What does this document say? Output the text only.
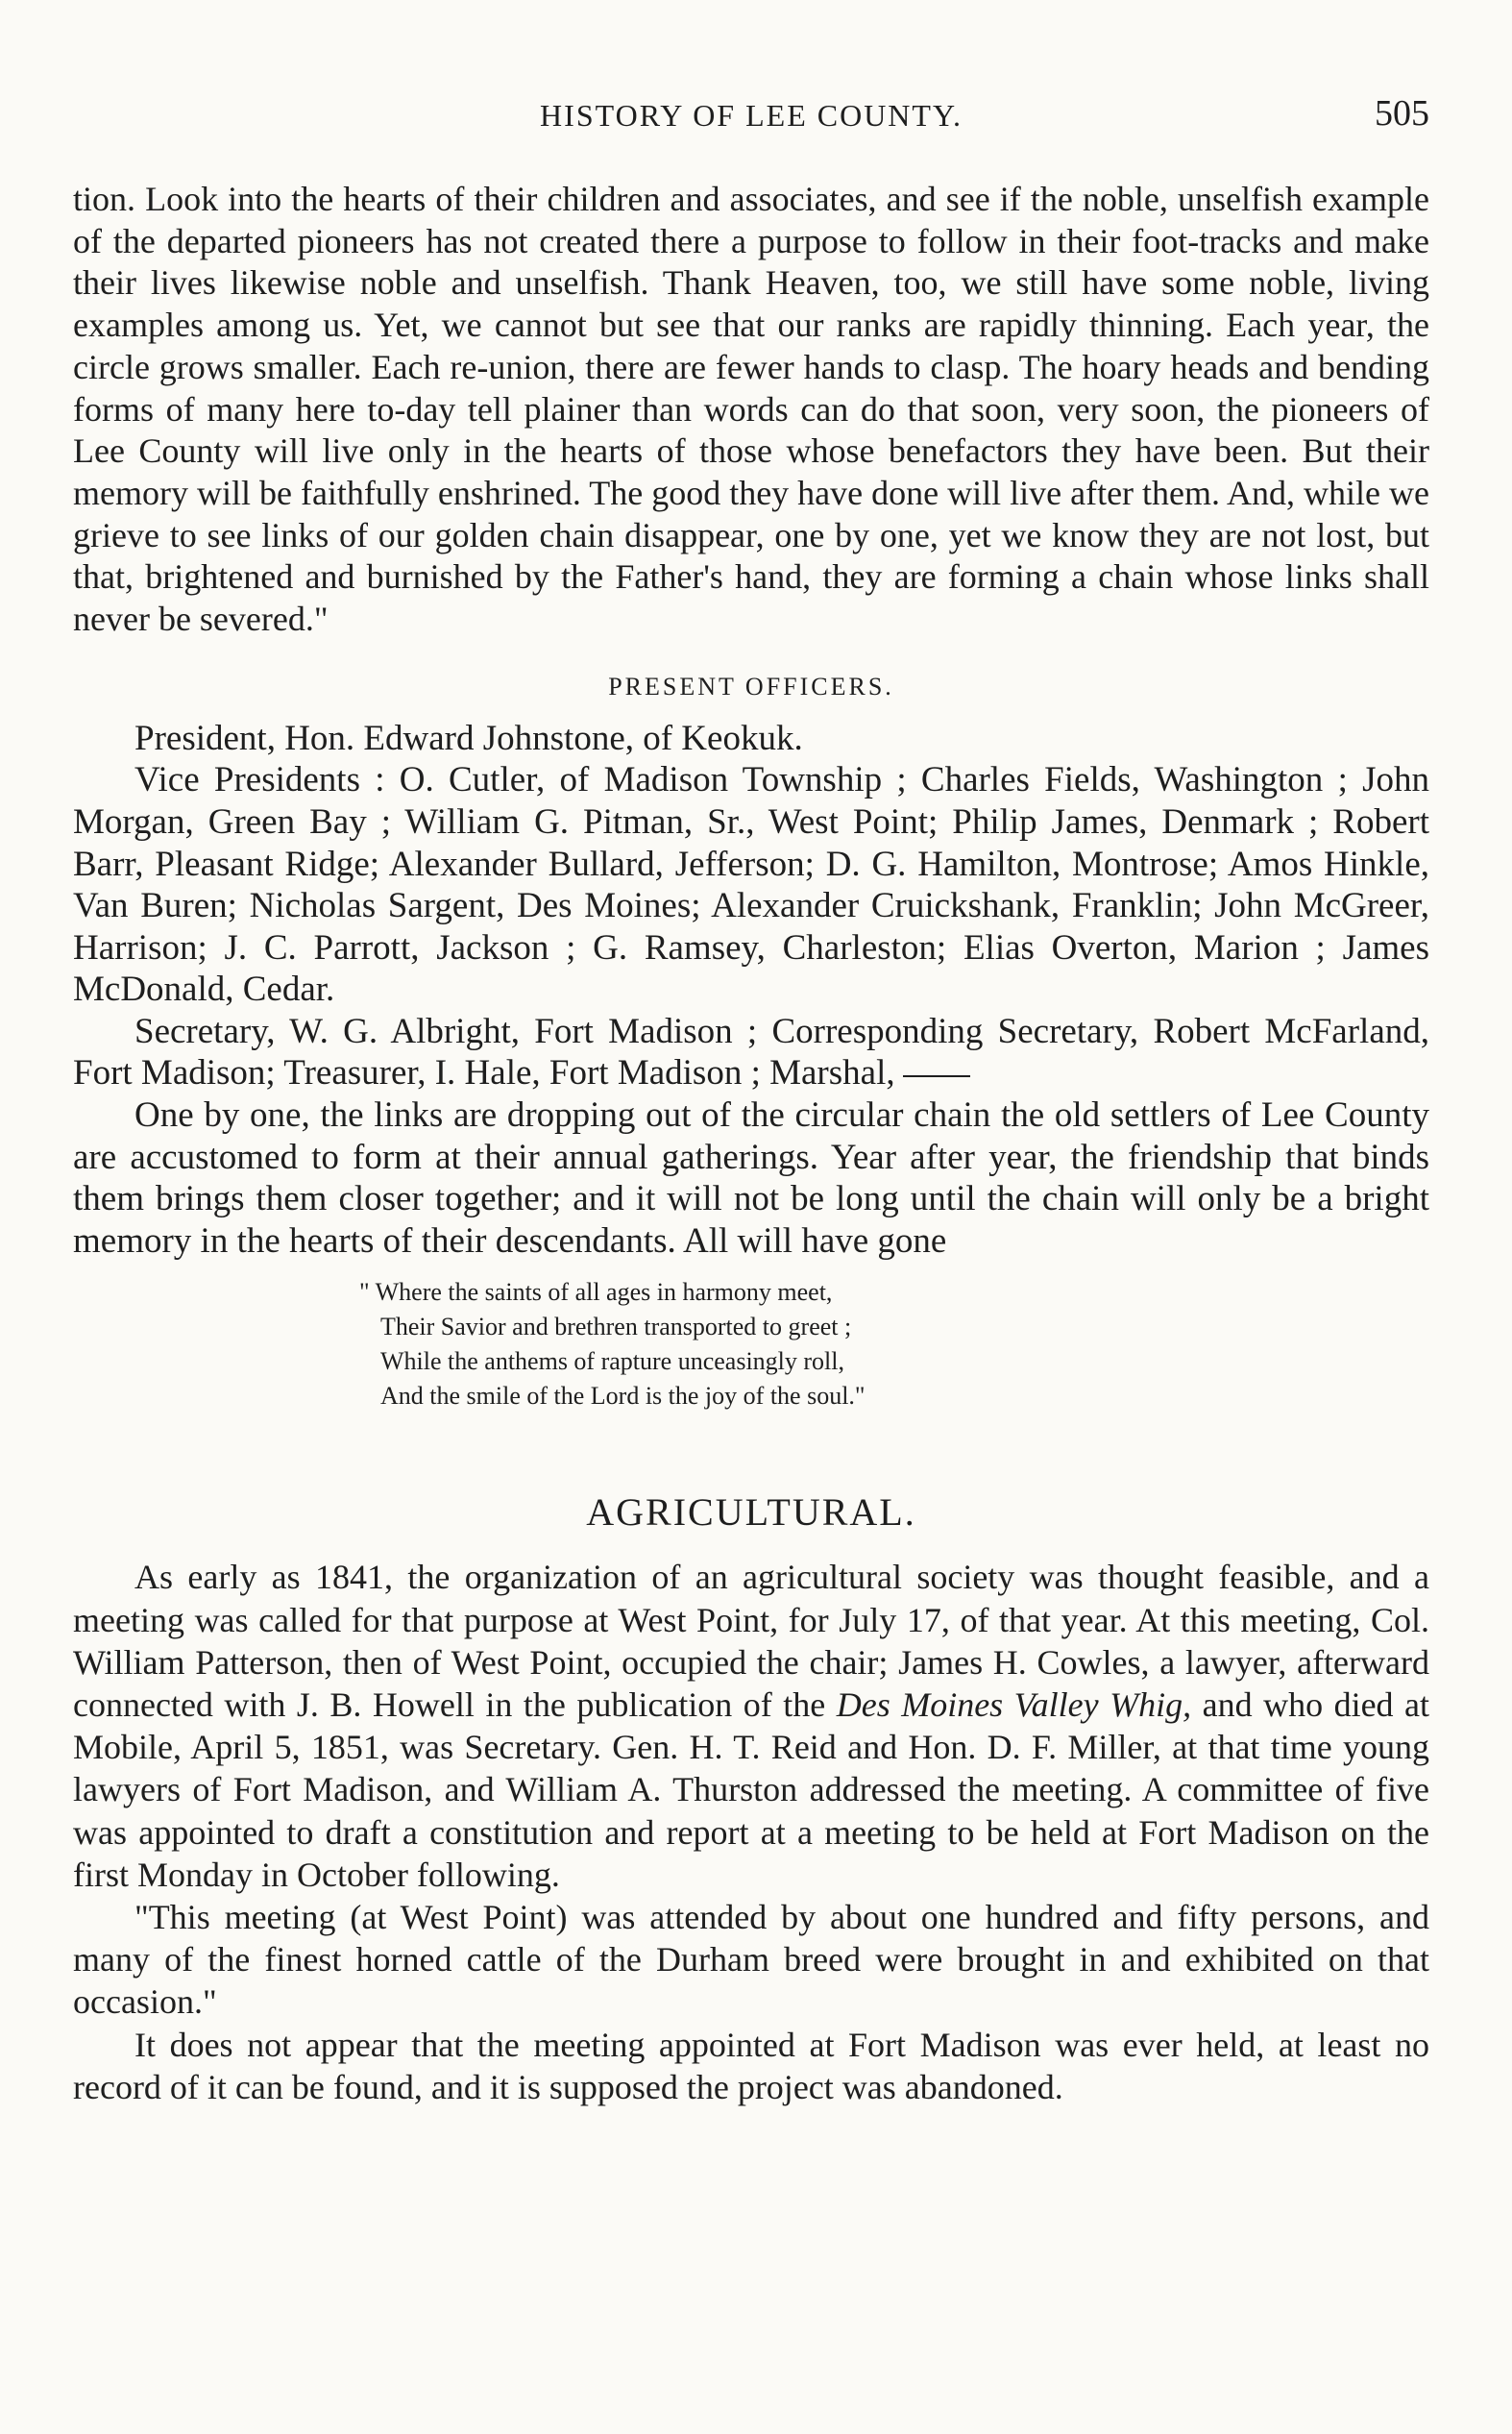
HISTORY OF LEE COUNTY.	505

tion. Look into the hearts of their children and associates, and see if the noble, unselfish example of the departed pioneers has not created there a purpose to follow in their foot-tracks and make their lives likewise noble and unselfish. Thank Heaven, too, we still have some noble, living examples among us. Yet, we cannot but see that our ranks are rapidly thinning. Each year, the circle grows smaller. Each re-union, there are fewer hands to clasp. The hoary heads and bending forms of many here to-day tell plainer than words can do that soon, very soon, the pioneers of Lee County will live only in the hearts of those whose benefactors they have been. But their memory will be faithfully enshrined. The good they have done will live after them. And, while we grieve to see links of our golden chain disappear, one by one, yet we know they are not lost, but that, brightened and burnished by the Father's hand, they are forming a chain whose links shall never be severed."

PRESENT OFFICERS.

President, Hon. Edward Johnstone, of Keokuk.

Vice Presidents : O. Cutler, of Madison Township ; Charles Fields, Washington ; John Morgan, Green Bay ; William G. Pitman, Sr., West Point; Philip James, Denmark ; Robert Barr, Pleasant Ridge; Alexander Bullard, Jefferson; D. G. Hamilton, Montrose; Amos Hinkle, Van Buren; Nicholas Sargent, Des Moines; Alexander Cruickshank, Franklin; John McGreer, Harrison; J. C. Parrott, Jackson ; G. Ramsey, Charleston; Elias Overton, Marion ; James McDonald, Cedar.

Secretary, W. G. Albright, Fort Madison ; Corresponding Secretary, Robert McFarland, Fort Madison; Treasurer, I. Hale, Fort Madison ; Marshal,

One by one, the links are dropping out of the circular chain the old settlers of Lee County are accustomed to form at their annual gatherings. Year after year, the friendship that binds them brings them closer together; and it will not be long until the chain will only be a bright memory in the hearts of their descendants. All will have gone

" Where the saints of all ages in harmony meet,
Their Savior and brethren transported to greet ;
While the anthems of rapture unceasingly roll,
And the smile of the Lord is the joy of the soul."
AGRICULTURAL.

As early as 1841, the organization of an agricultural society was thought feasible, and a meeting was called for that purpose at West Point, for July 17, of that year. At this meeting, Col. William Patterson, then of West Point, occupied the chair; James H. Cowles, a lawyer, afterward connected with J. B. Howell in the publication of the Des Moines Valley Whig, and who died at Mobile, April 5, 1851, was Secretary. Gen. H. T. Reid and Hon. D. F. Miller, at that time young lawyers of Fort Madison, and William A. Thurston addressed the meeting. A committee of five was appointed to draft a constitution and report at a meeting to be held at Fort Madison on the first Monday in October following.

"This meeting (at West Point) was attended by about one hundred and fifty persons, and many of the finest horned cattle of the Durham breed were brought in and exhibited on that occasion."

It does not appear that the meeting appointed at Fort Madison was ever held, at least no record of it can be found, and it is supposed the project was abandoned.
